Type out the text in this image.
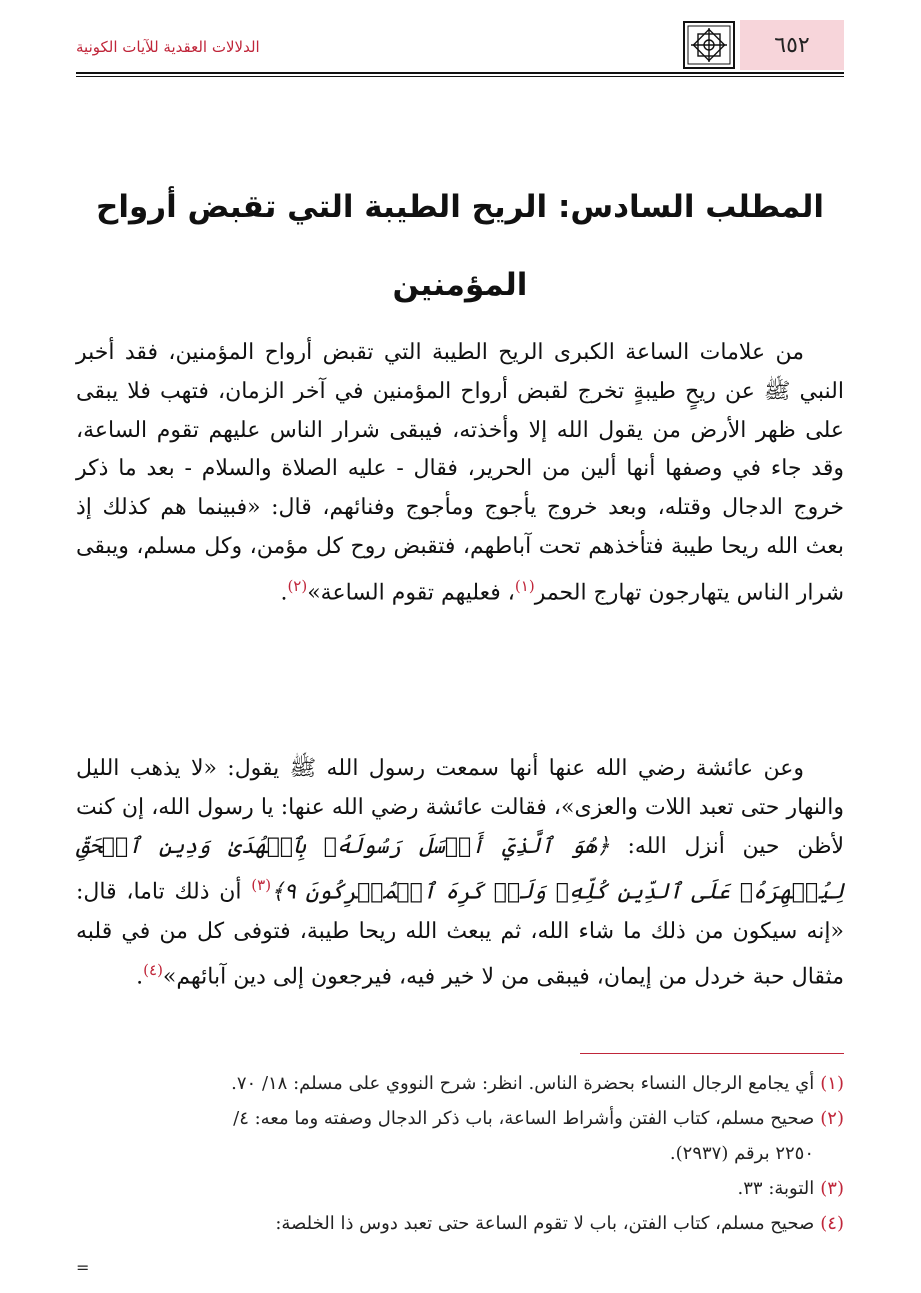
٦٥٢
الدلالات العقدية للآيات الكونية
المطلب السادس: الريح الطيبة التي تقبض أرواح
المؤمنين
من علامات الساعة الكبرى الريح الطيبة التي تقبض أرواح المؤمنين، فقد أخبر النبي ﷺ عن ريحٍ طيبةٍ تخرج لقبض أرواح المؤمنين في آخر الزمان، فتهب فلا يبقى على ظهر الأرض من يقول الله إلا وأخذته، فيبقى شرار الناس عليهم تقوم الساعة، وقد جاء في وصفها أنها ألين من الحرير، فقال - عليه الصلاة والسلام - بعد ما ذكر خروج الدجال وقتله، وبعد خروج يأجوج ومأجوج وفنائهم، قال: «فبينما هم كذلك إذ بعث الله ريحا طيبة فتأخذهم تحت آباطهم، فتقبض روح كل مؤمن، وكل مسلم، ويبقى شرار الناس يتهارجون تهارج الحمر$^{(١)}$، فعليهم تقوم الساعة»$^{(٢)}$.
وعن عائشة رضي الله عنها أنها سمعت رسول الله ﷺ يقول: «لا يذهب الليل والنهار حتى تعبد اللات والعزى»، فقالت عائشة رضي الله عنها: يا رسول الله، إن كنت لأظن حين أنزل الله: ﴿هُوَ ٱلَّذِيٓ أَرۡسَلَ رَسُولَهُۥ بِٱلۡهُدَىٰ وَدِينِ ٱلۡحَقِّ لِيُظۡهِرَهُۥ عَلَى ٱلدِّينِ كُلِّهِۦ وَلَوۡ كَرِهَ ٱلۡمُشۡرِكُونَ ٩﴾$^{(٣)}$ أن ذلك تاما، قال: «إنه سيكون من ذلك ما شاء الله، ثم يبعث الله ريحا طيبة، فتوفى كل من في قلبه مثقال حبة خردل من إيمان، فيبقى من لا خير فيه، فيرجعون إلى دين آبائهم»$^{(٤)}$.

(١)أي يجامع الرجال النساء بحضرة الناس. انظر: شرح النووي على مسلم: ١٨/ ٧٠.

(٢)صحيح مسلم، كتاب الفتن وأشراط الساعة، باب ذكر الدجال وصفته وما معه: ٤/

٢٢٥٠ برقم (٢٩٣٧).

(٣)التوبة: ٣٣.

(٤)صحيح مسلم، كتاب الفتن، باب لا تقوم الساعة حتى تعبد دوس ذا الخلصة:

=
